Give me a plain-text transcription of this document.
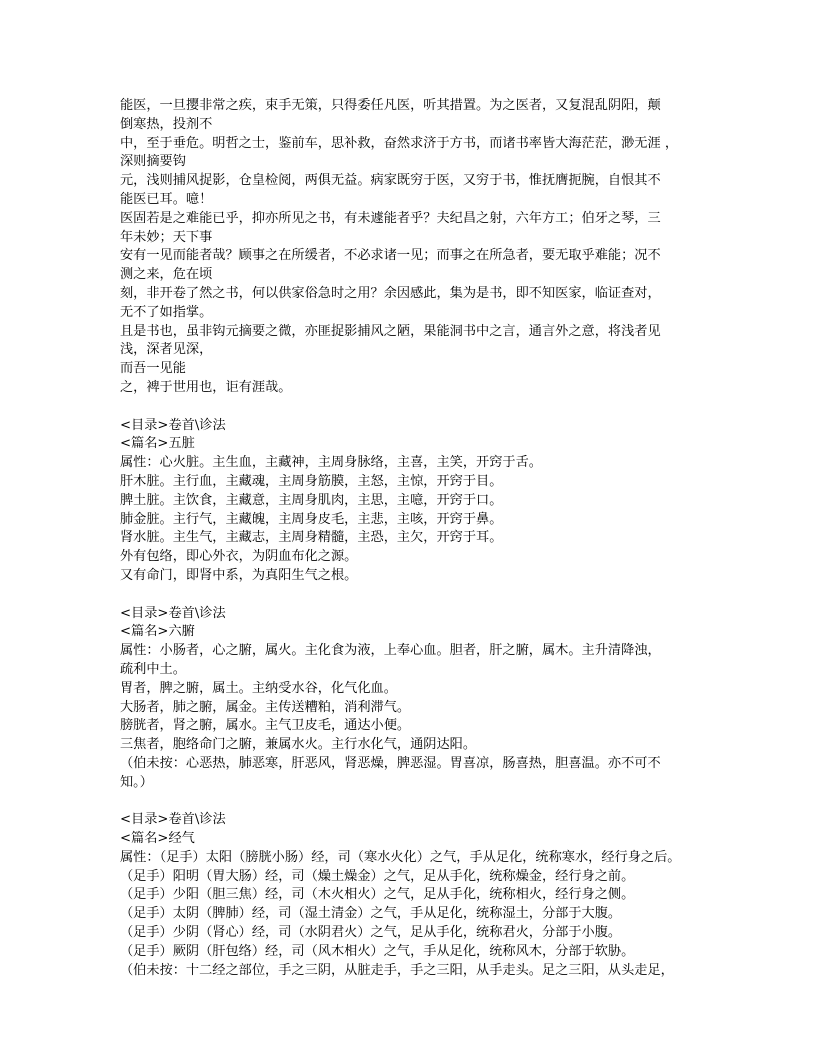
能医，一旦撄非常之疾，束手无策，只得委任凡医，听其措置。为之医者，又复混乱阴阳，颠
倒寒热，投剂不
中，至于垂危。明哲之士，鉴前车，思补救，奋然求济于方书，而诸书率皆大海茫茫，渺无涯 ，
深则摘要钩
元，浅则捕风捉影，仓皇检阅，两俱无益。病家既穷于医，又穷于书，惟抚膺扼腕，自恨其不
能医已耳。噫！
医固若是之难能已乎，抑亦所见之书，有未遽能者乎？夫纪昌之射，六年方工；伯牙之琴，三
年未妙；天下事
安有一见而能者哉？顾事之在所缓者，不必求诸一见；而事之在所急者，要无取乎难能；况不
测之来，危在顷
刻，非开卷了然之书，何以供家俗急时之用？余因感此，集为是书，即不知医家，临证查对，
无不了如指掌。
且是书也，虽非钩元摘要之微，亦匪捉影捕风之陋，果能洞书中之言，通言外之意，将浅者见
浅，深者见深，
而吾一见能
之，裨于世用也，讵有涯哉。
<目录>卷首\诊法
<篇名>五脏
属性：心火脏。主生血，主藏神，主周身脉络，主喜，主笑，开窍于舌。
肝木脏。主行血，主藏魂，主周身筋膜，主怒，主惊，开窍于目。
脾土脏。主饮食，主藏意，主周身肌肉，主思，主噫，开窍于口。
肺金脏。主行气，主藏魄，主周身皮毛，主悲，主咳，开窍于鼻。
肾水脏。主生气，主藏志，主周身精髓，主恐，主欠，开窍于耳。
外有包络，即心外衣，为阴血布化之源。
又有命门，即肾中系，为真阳生气之根。
<目录>卷首\诊法
<篇名>六腑
属性：小肠者，心之腑，属火。主化食为液，上奉心血。胆者，肝之腑，属木。主升清降浊，
疏利中土。
胃者，脾之腑，属土。主纳受水谷，化气化血。
大肠者，肺之腑，属金。主传送糟粕，消利滞气。
膀胱者，肾之腑，属水。主气卫皮毛，通达小便。
三焦者，胞络命门之腑，兼属水火。主行水化气，通阴达阳。
（伯未按：心恶热，肺恶寒，肝恶风，肾恶燥，脾恶湿。胃喜凉，肠喜热，胆喜温。亦不可不
知。）
<目录>卷首\诊法
<篇名>经气
属性：（足手）太阳（膀胱小肠）经，司（寒水火化）之气，手从足化，统称寒水，经行身之后。
（足手）阳明（胃大肠）经，司（燥土燥金）之气，足从手化，统称燥金，经行身之前。
（足手）少阳（胆三焦）经，司（木火相火）之气，足从手化，统称相火，经行身之侧。
（足手）太阴（脾肺）经，司（湿土清金）之气，手从足化，统称湿土，分部于大腹。
（足手）少阴（肾心）经，司（水阴君火）之气，足从手化，统称君火，分部于小腹。
（足手）厥阴（肝包络）经，司（风木相火）之气，手从足化，统称风木，分部于软胁。
（伯未按：十二经之部位，手之三阴，从脏走手，手之三阳，从手走头。足之三阳，从头走足，
